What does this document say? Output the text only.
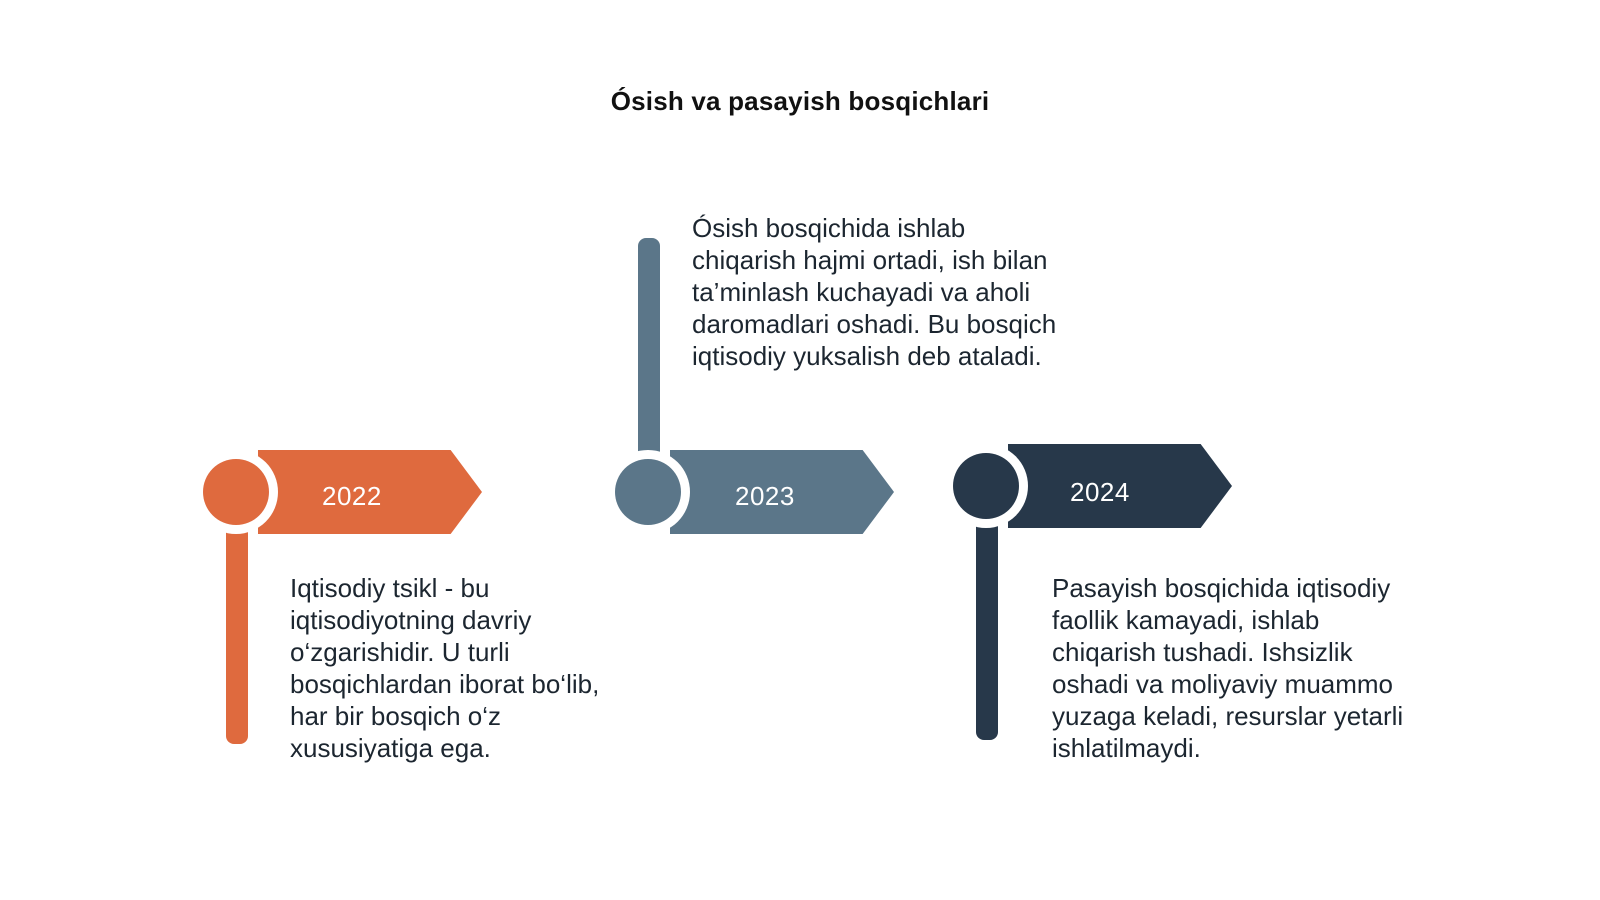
Ósish va pasayish bosqichlari
2022
Iqtisodiy tsikl - bu iqtisodiyotning davriy o‘zgarishidir. U turli bosqichlardan iborat bo‘lib, har bir bosqich o‘z xususiyatiga ega.
2023
Ósish bosqichida ishlab chiqarish hajmi ortadi, ish bilan ta’minlash kuchayadi va aholi daromadlari oshadi. Bu bosqich iqtisodiy yuksalish deb ataladi.
2024
Pasayish bosqichida iqtisodiy faollik kamayadi, ishlab chiqarish tushadi. Ishsizlik oshadi va moliyaviy muammo yuzaga keladi, resurslar yetarli ishlatilmaydi.
